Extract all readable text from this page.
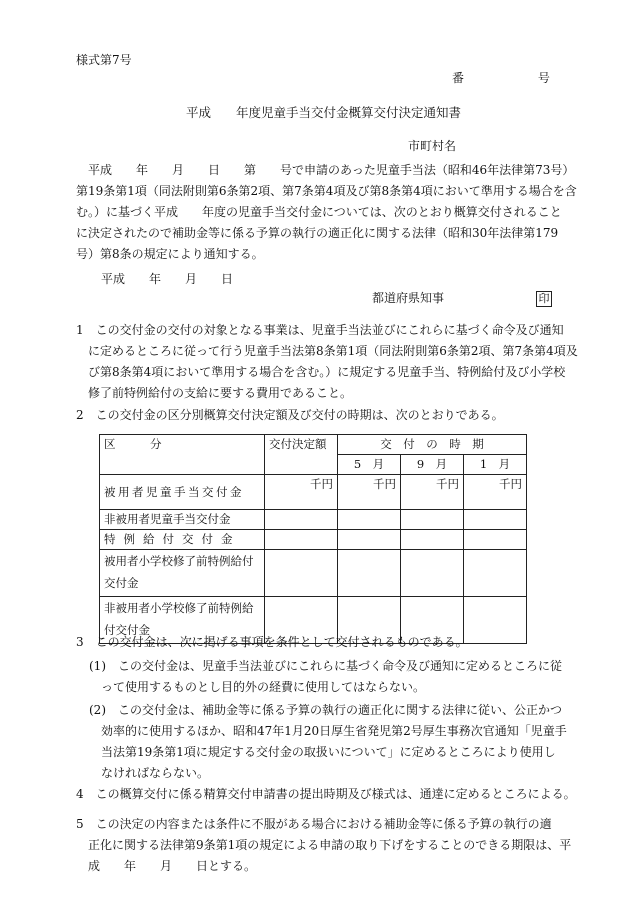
様式第7号
番 号
平成　　年度児童手当交付金概算交付決定通知書
市町村名
平成　　年　　月　　日　　第　　号で申請のあった児童手当法（昭和46年法律第73号）
第19条第1項（同法附則第6条第2項、第7条第4項及び第8条第4項において準用する場合を含
む。）に基づく平成　　年度の児童手当交付金については、次のとおり概算交付されること
に決定されたので補助金等に係る予算の執行の適正化に関する法律（昭和30年法律第179
号）第8条の規定により通知する。
平成　　年　　月　　日
都道府県知事	印
1　この交付金の交付の対象となる事業は、児童手当法並びにこれらに基づく命令及び通知
に定めるところに従って行う児童手当法第8条第1項（同法附則第6条第2項、第7条第4項及
び第8条第4項において準用する場合を含む。）に規定する児童手当、特例給付及び小学校
修了前特例給付の支給に要する費用であること。
2　この交付金の区分別概算交付決定額及び交付の時期は、次のとおりである。
区　　　分	交付決定額	交　付　の　時　期		
		5　月	9　月	1　月
被用者児童手当交付金	千円	千円	千円	千円
非被用者児童手当交付金				
特例給付交付金				

被用者小学校修了前特例給付
交付金				

非被用者小学校修了前特例給
付交付金				

3　この交付金は、次に掲げる事項を条件として交付されるものである。
(1)　この交付金は、児童手当法並びにこれらに基づく命令及び通知に定めるところに従
って使用するものとし目的外の経費に使用してはならない。
(2)　この交付金は、補助金等に係る予算の執行の適正化に関する法律に従い、公正かつ
効率的に使用するほか、昭和47年1月20日厚生省発児第2号厚生事務次官通知「児童手
当法第19条第1項に規定する交付金の取扱いについて」に定めるところにより使用し
なければならない。
4　この概算交付に係る精算交付申請書の提出時期及び様式は、通達に定めるところによる。
5　この決定の内容または条件に不服がある場合における補助金等に係る予算の執行の適
正化に関する法律第9条第1項の規定による申請の取り下げをすることのできる期限は、平
成　　年　　月　　日とする。
